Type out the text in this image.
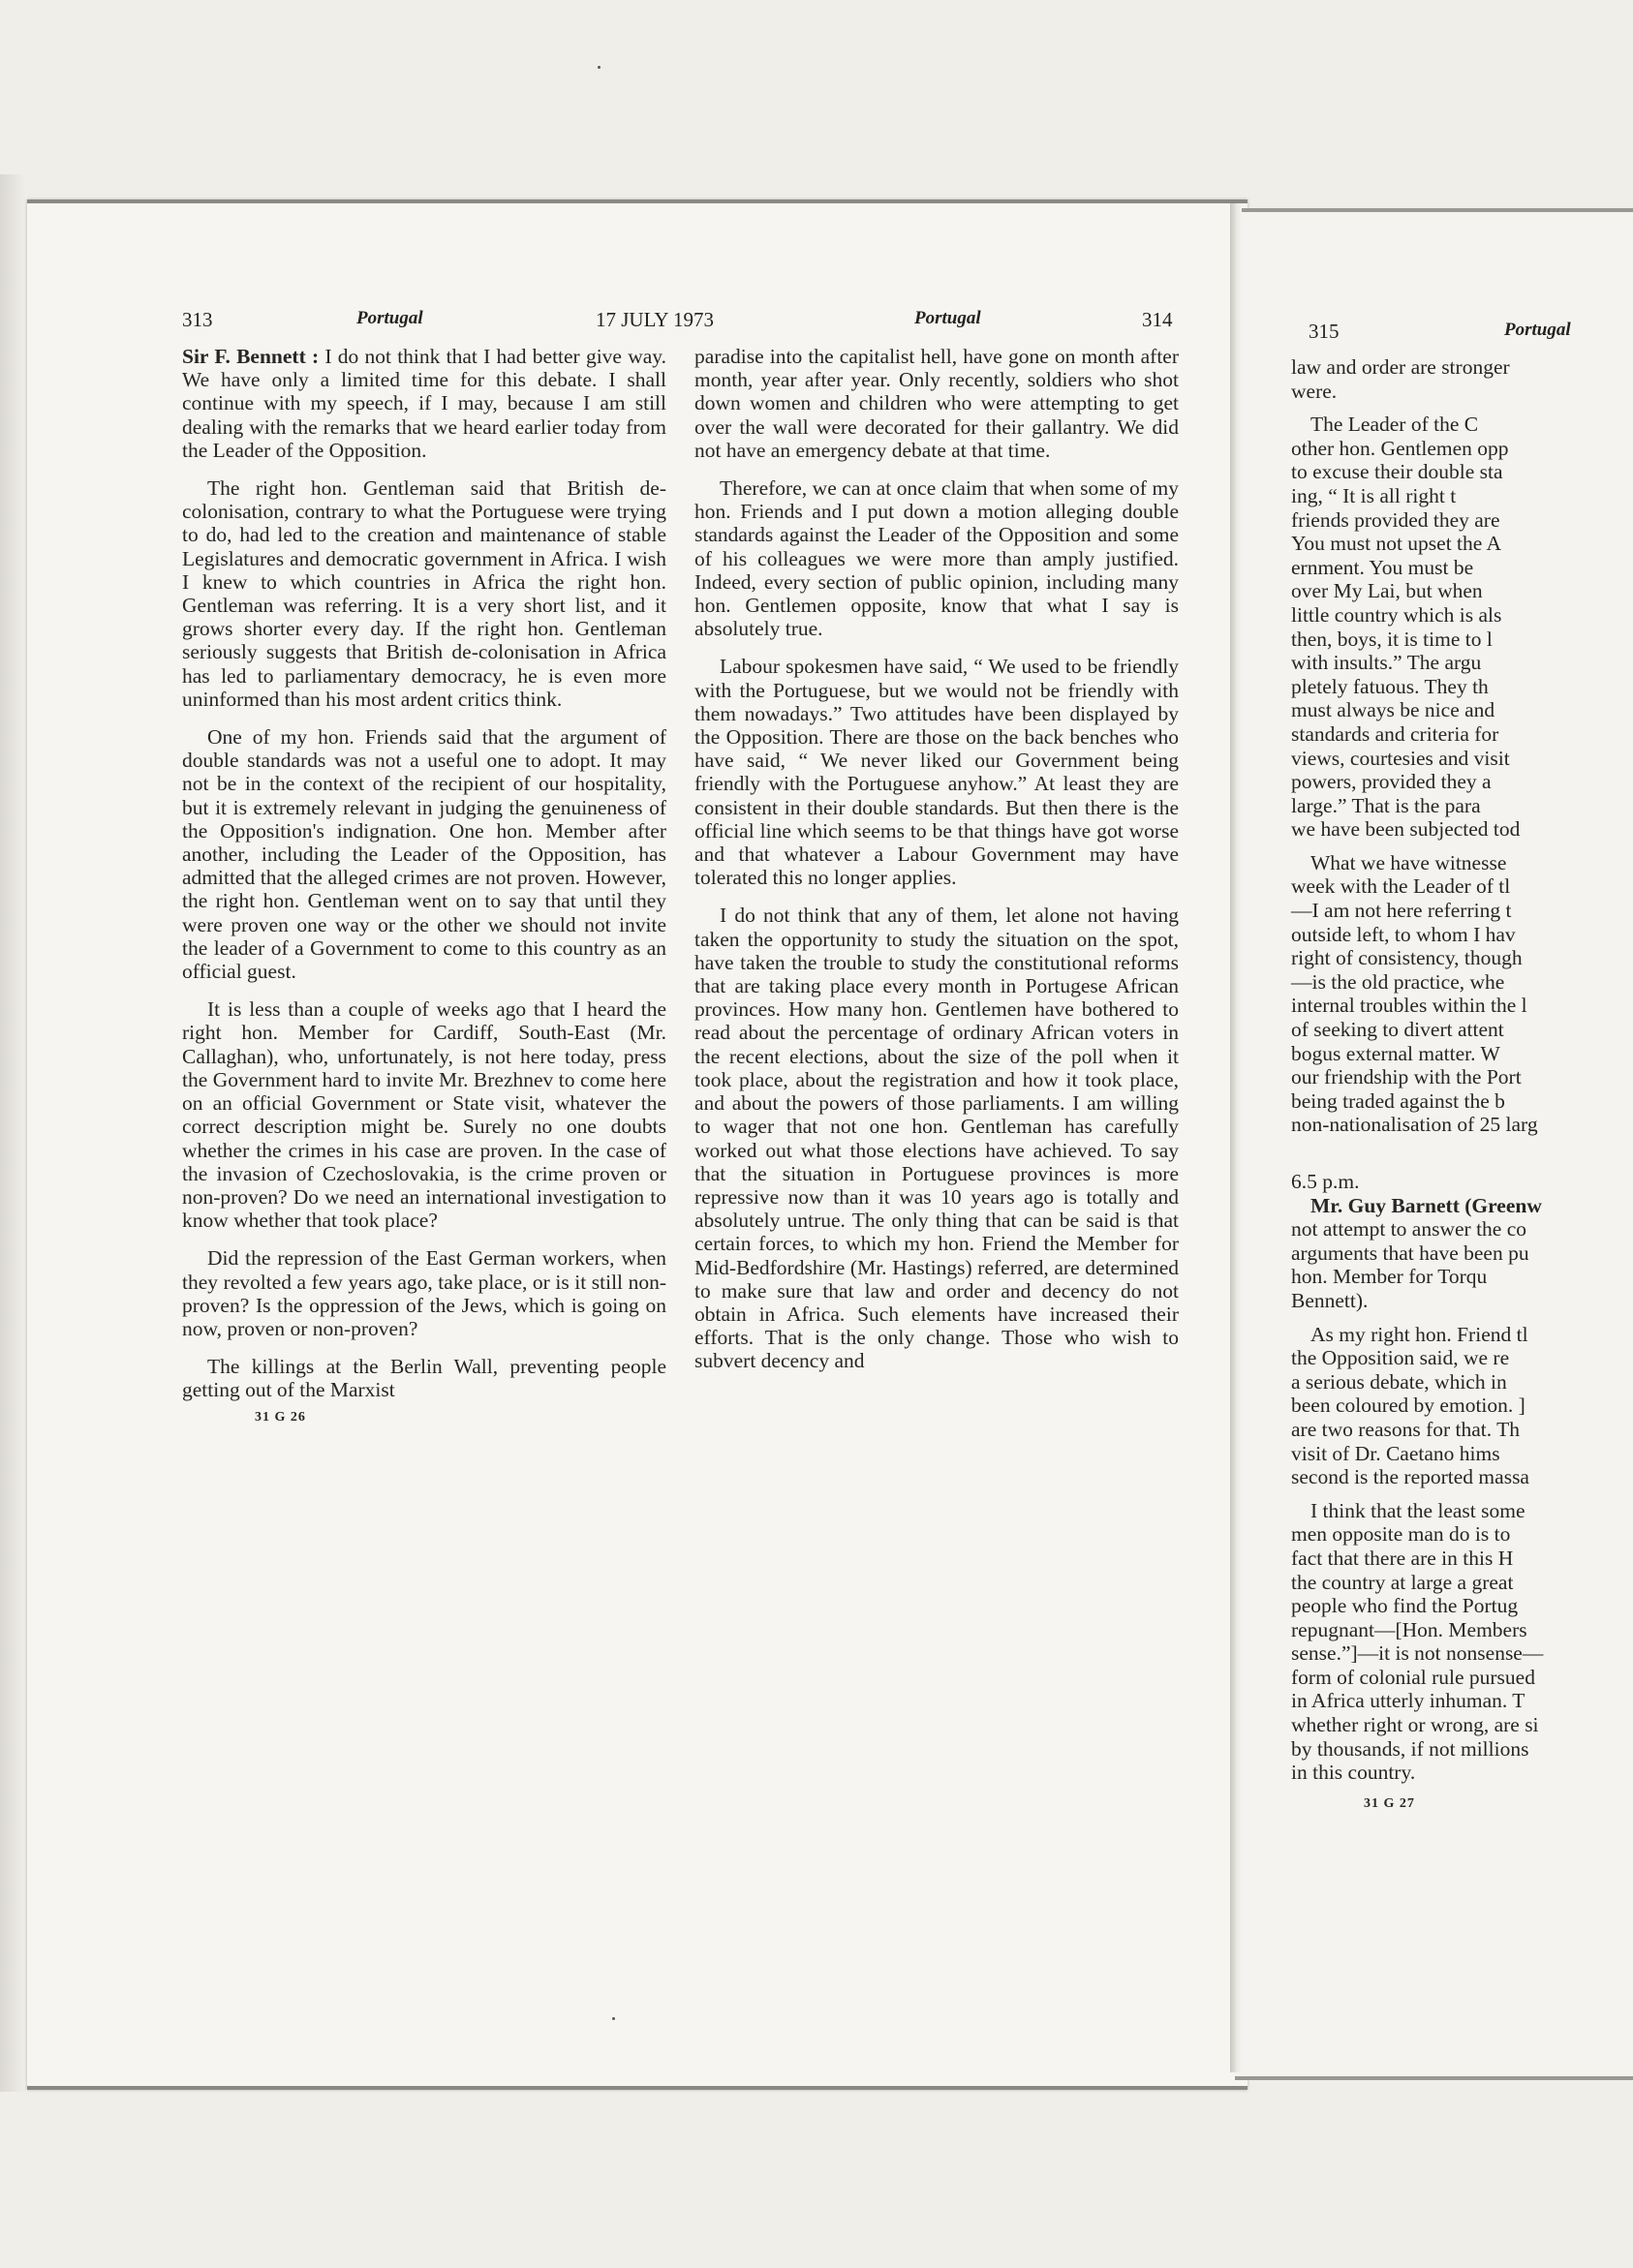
313	Portugal	17 JULY 1973	Portugal	314	315	Portugal

Sir F. Bennett : I do not think that I had better give way. We have only a limited time for this debate. I shall continue with my speech, if I may, because I am still dealing with the remarks that we heard earlier today from the Leader of the Opposition.

The right hon. Gentleman said that British de-colonisation, contrary to what the Portuguese were trying to do, had led to the creation and maintenance of stable Legislatures and democratic government in Africa. I wish I knew to which countries in Africa the right hon. Gentleman was referring. It is a very short list, and it grows shorter every day. If the right hon. Gentleman seriously suggests that British de-colonisation in Africa has led to parliamentary democracy, he is even more uninformed than his most ardent critics think.

One of my hon. Friends said that the argument of double standards was not a useful one to adopt. It may not be in the context of the recipient of our hospitality, but it is extremely relevant in judging the genuineness of the Opposition's indignation. One hon. Member after another, including the Leader of the Opposition, has admitted that the alleged crimes are not proven. However, the right hon. Gentleman went on to say that until they were proven one way or the other we should not invite the leader of a Government to come to this country as an official guest.

It is less than a couple of weeks ago that I heard the right hon. Member for Cardiff, South-East (Mr. Callaghan), who, unfortunately, is not here today, press the Government hard to invite Mr. Brezhnev to come here on an official Government or State visit, whatever the correct description might be. Surely no one doubts whether the crimes in his case are proven. In the case of the invasion of Czechoslovakia, is the crime proven or non-proven? Do we need an international investigation to know whether that took place?

Did the repression of the East German workers, when they revolted a few years ago, take place, or is it still non-proven? Is the oppression of the Jews, which is going on now, proven or non-proven?

The killings at the Berlin Wall, preventing people getting out of the Marxist

31 G 26

paradise into the capitalist hell, have gone on month after month, year after year. Only recently, soldiers who shot down women and children who were attempting to get over the wall were decorated for their gallantry. We did not have an emergency debate at that time.

Therefore, we can at once claim that when some of my hon. Friends and I put down a motion alleging double standards against the Leader of the Opposition and some of his colleagues we were more than amply justified. Indeed, every section of public opinion, including many hon. Gentlemen opposite, know that what I say is absolutely true.

Labour spokesmen have said, “ We used to be friendly with the Portuguese, but we would not be friendly with them nowadays.” Two attitudes have been displayed by the Opposition. There are those on the back benches who have said, “ We never liked our Government being friendly with the Portuguese anyhow.” At least they are consistent in their double standards. But then there is the official line which seems to be that things have got worse and that whatever a Labour Government may have tolerated this no longer applies.

I do not think that any of them, let alone not having taken the opportunity to study the situation on the spot, have taken the trouble to study the constitutional reforms that are taking place every month in Portugese African provinces. How many hon. Gentlemen have bothered to read about the percentage of ordinary African voters in the recent elections, about the size of the poll when it took place, about the registration and how it took place, and about the powers of those parliaments. I am willing to wager that not one hon. Gentleman has carefully worked out what those elections have achieved. To say that the situation in Portuguese provinces is more repressive now than it was 10 years ago is totally and absolutely untrue. The only thing that can be said is that certain forces, to which my hon. Friend the Member for Mid-Bedfordshire (Mr. Hastings) referred, are determined to make sure that law and order and decency do not obtain in Africa. Such elements have increased their efforts. That is the only change. Those who wish to subvert decency and

law and order are stronger
were.
The Leader of the C
other hon. Gentlemen opp
to excuse their double sta
ing, “ It is all right t
friends provided they are
You must not upset the A
ernment. You must be
over My Lai, but when
little country which is als
then, boys, it is time to l
with insults.” The argu
pletely fatuous. They th
must always be nice and
standards and criteria for
views, courtesies and visit
powers, provided they a
large.” That is the para
we have been subjected tod
What we have witnesse
week with the Leader of tl
—I am not here referring t
outside left, to whom I hav
right of consistency, though
—is the old practice, whe
internal troubles within the l
of seeking to divert attent
bogus external matter. W
our friendship with the Port
being traded against the b
non-nationalisation of 25 larg
6.5 p.m.
Mr. Guy Barnett (Greenw
not attempt to answer the co
arguments that have been pu
hon. Member for Torqu
Bennett).
As my right hon. Friend tl
the Opposition said, we re
a serious debate, which in
been coloured by emotion. ]
are two reasons for that. Th
visit of Dr. Caetano hims
second is the reported massa
I think that the least some
men opposite man do is to
fact that there are in this H
the country at large a great
people who find the Portug
repugnant—[Hon. Members
sense.”]—it is not nonsense—
form of colonial rule pursued
in Africa utterly inhuman. T
whether right or wrong, are si
by thousands, if not millions
in this country.
31 G 27
